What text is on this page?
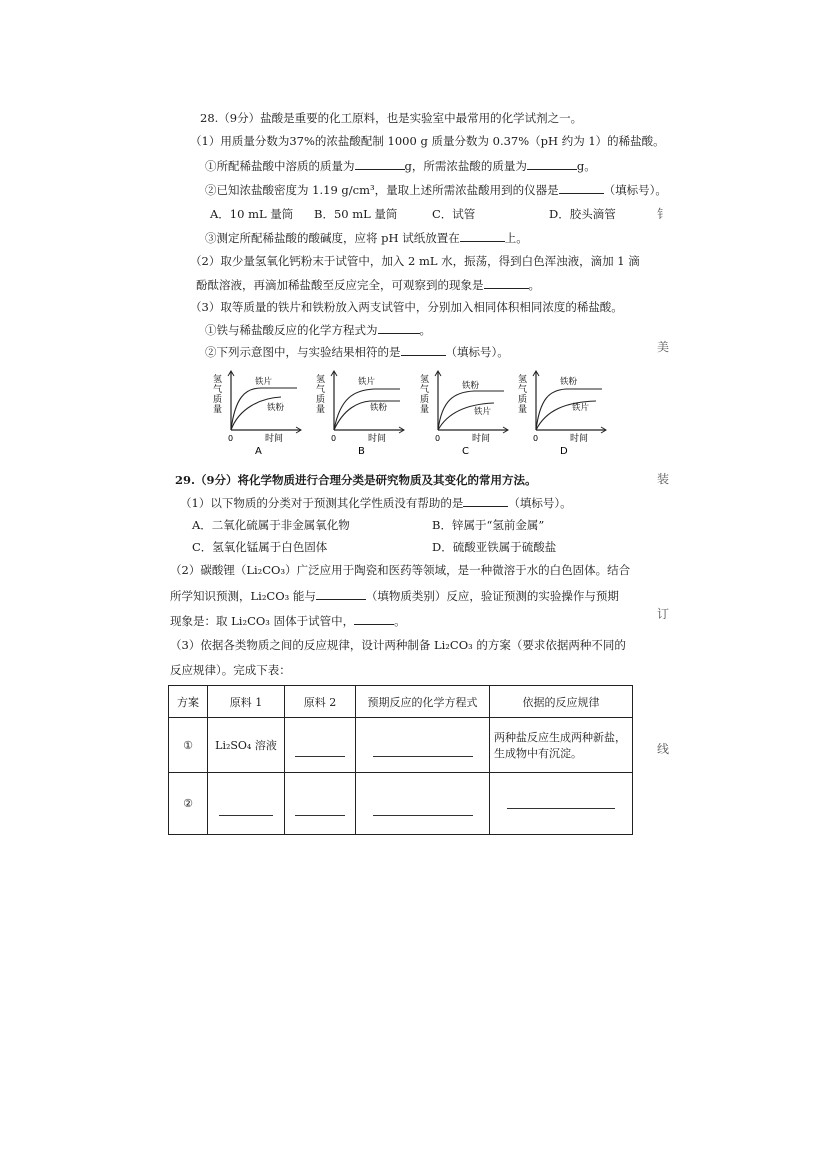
28.（9分）盐酸是重要的化工原料，也是实验室中最常用的化学试剂之一。
（1）用质量分数为37%的浓盐酸配制 1000 g 质量分数为 0.37%（pH 约为 1）的稀盐酸。
①所配稀盐酸中溶质的质量为	g，所需浓盐酸的质量为	g。
②已知浓盐酸密度为 1.19 g/cm³，量取上述所需浓盐酸用到的仪器是	（填标号）。
A．10 mL 量筒 B．50 mL 量筒	C．试管	D．胶头滴管
③测定所配稀盐酸的酸碱度，应将 pH 试纸放置在	上。
（2）取少量氢氧化钙粉末于试管中，加入 2 mL 水，振荡，得到白色浑浊液，滴加 1 滴
酚酞溶液，再滴加稀盐酸至反应完全，可观察到的现象是	。
（3）取等质量的铁片和铁粉放入两支试管中，分别加入相同体积相同浓度的稀盐酸。
①铁与稀盐酸反应的化学方程式为	。
②下列示意图中，与实验结果相符的是	（填标号）。
氢
气
质
量
0	时间
铁片
铁粉
A
氢
气
质
量
0	时间
铁片
铁粉
B
氢
气
质
量
0	时间
铁粉
铁片
C
氢
气
质
量
0	时间
铁粉
铁片
D
29.（9分）将化学物质进行合理分类是研究物质及其变化的常用方法。
（1）以下物质的分类对于预测其化学性质没有帮助的是	（填标号）。
A．二氧化硫属于非金属氧化物	B．锌属于“氢前金属”
C．氢氧化锰属于白色固体	D．硫酸亚铁属于硫酸盐
（2）碳酸锂（Li₂CO₃）广泛应用于陶瓷和医药等领域，是一种微溶于水的白色固体。结合
所学知识预测，Li₂CO₃ 能与	（填物质类别）反应，验证预测的实验操作与预期
现象是：取 Li₂CO₃ 固体于试管中，	。
（3）依据各类物质之间的反应规律，设计两种制备 Li₂CO₃ 的方案（要求依据两种不同的
反应规律）。完成下表：
方案	原料 1	原料 2	预期反应的化学方程式	依据的反应规律
①	Li₂SO₄ 溶液			两种盐反应生成两种新盐，
生成物中有沉淀。

②	

钅
美
装
订
线
